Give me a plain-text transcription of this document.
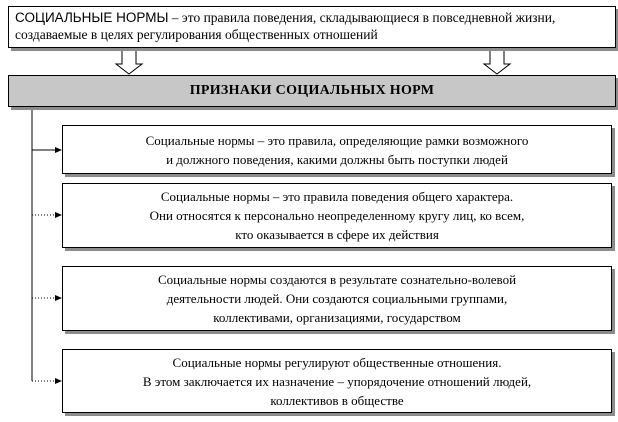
СОЦИАЛЬНЫЕ НОРМЫ – это правила поведения, складывающиеся в повседневной жизни, создаваемые в целях регулирования общественных отношений
ПРИЗНАКИ СОЦИАЛЬНЫХ НОРМ
Социальные нормы – это правила, определяющие рамки возможного
и должного поведения, какими должны быть поступки людей
Социальные нормы – это правила поведения общего характера.
Они относятся к персонально неопределенному кругу лиц, ко всем,
кто оказывается в сфере их действия
Социальные нормы создаются в результате сознательно-волевой
деятельности людей. Они создаются социальными группами,
коллективами, организациями, государством
Социальные нормы регулируют общественные отношения.
В этом заключается их назначение – упорядочение отношений людей,
коллективов в обществе
